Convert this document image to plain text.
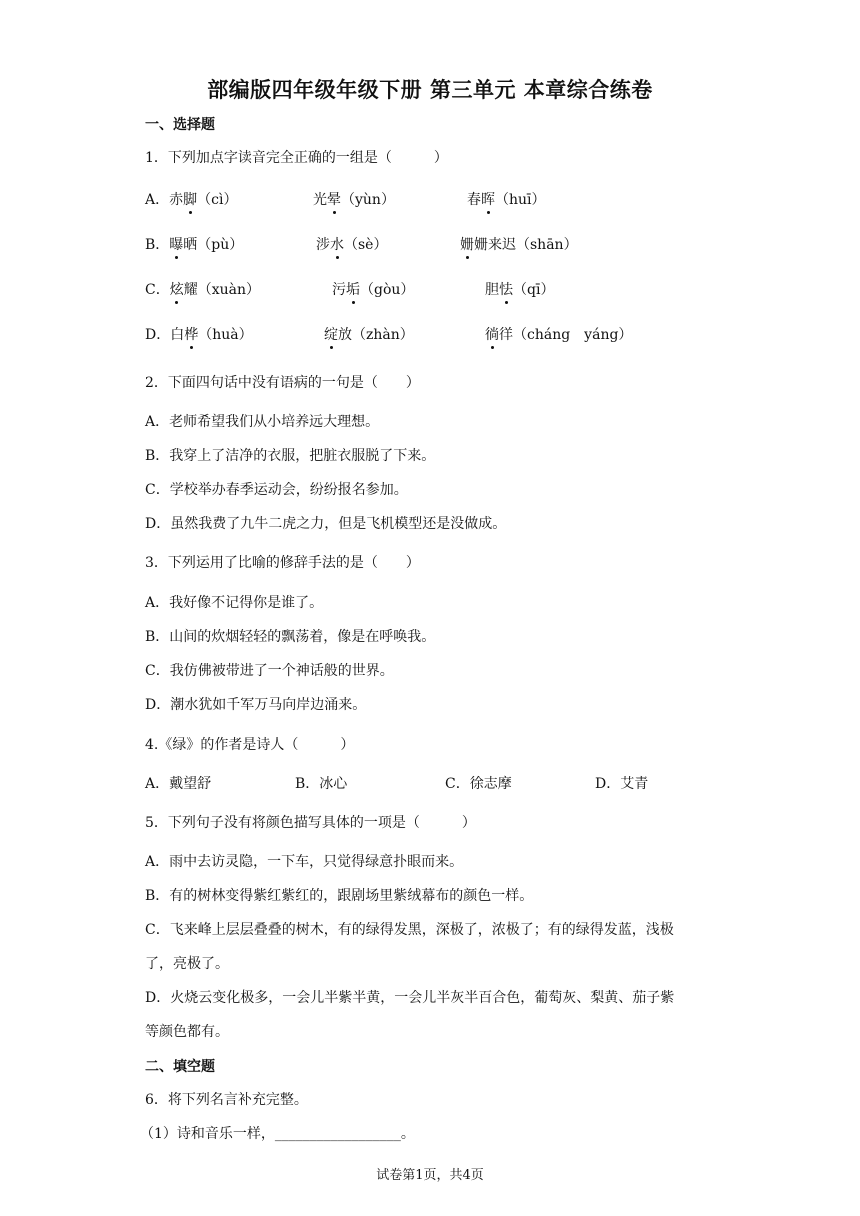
部编版四年级年级下册 第三单元 本章综合练卷
一、选择题
1．下列加点字读音完全正确的一组是（　　　）
A．赤脚（cì）	光晕（yùn）	春晖（huī）
B．曝晒（pù）	涉水（sè）	姗姗来迟（shān）
C．炫耀（xuàn）	污垢（gòu）	胆怯（qī）
D．白桦（huà）	绽放（zhàn）	徜徉（cháng　yáng）
2．下面四句话中没有语病的一句是（　　）
A．老师希望我们从小培养远大理想。
B．我穿上了洁净的衣服，把脏衣服脱了下来。
C．学校举办春季运动会，纷纷报名参加。
D．虽然我费了九牛二虎之力，但是飞机模型还是没做成。
3．下列运用了比喻的修辞手法的是（　　）
A．我好像不记得你是谁了。
B．山间的炊烟轻轻的飘荡着，像是在呼唤我。
C．我仿佛被带进了一个神话般的世界。
D．潮水犹如千军万马向岸边涌来。
4.《绿》的作者是诗人（　　　）
A．戴望舒	B．冰心	C．徐志摩	D．艾青
5．下列句子没有将颜色描写具体的一项是（　　　）
A．雨中去访灵隐，一下车，只觉得绿意扑眼而来。
B．有的树林变得紫红紫红的，跟剧场里紫绒幕布的颜色一样。
C．飞来峰上层层叠叠的树木，有的绿得发黑，深极了，浓极了；有的绿得发蓝，浅极
了，亮极了。
D．火烧云变化极多，一会儿半紫半黄，一会儿半灰半百合色，葡萄灰、梨黄、茄子紫
等颜色都有。
二、填空题
6．将下列名言补充完整。
（1）诗和音乐一样，__________________。
试卷第1页，共4页
